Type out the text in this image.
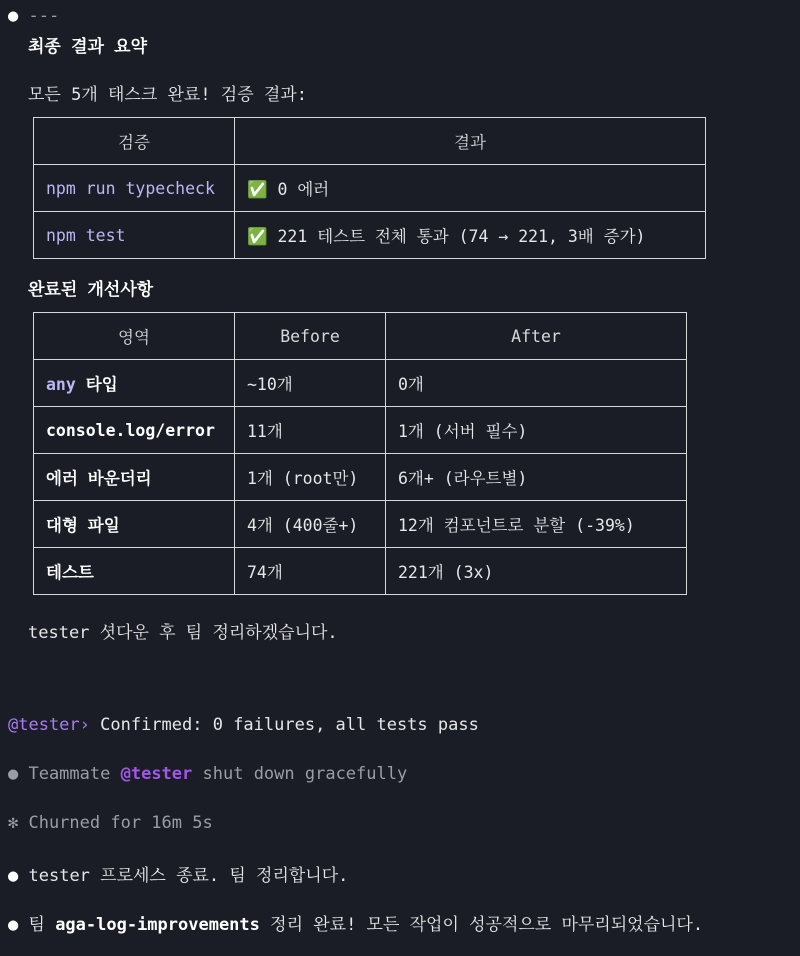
● ---
최종 결과 요약
모든 5개 태스크 완료! 검증 결과:
검증	결과
npm run typecheck	✅ 0 에러
npm test	✅ 221 테스트 전체 통과 (74 → 221, 3배 증가)
완료된 개선사항
영역	Before	After
any 타입	~10개	0개
console.log/error	11개	1개 (서버 필수)
에러 바운더리	1개 (root만)	6개+ (라우트별)
대형 파일	4개 (400줄+)	12개 컴포넌트로 분할 (-39%)
테스트	74개	221개 (3x)
tester 셧다운 후 팀 정리하겠습니다.
@tester› Confirmed: 0 failures, all tests pass
● Teammate @tester shut down gracefully
✻ Churned for 16m 5s
● tester 프로세스 종료. 팀 정리합니다.
● 팀 aga-log-improvements 정리 완료! 모든 작업이 성공적으로 마무리되었습니다.
